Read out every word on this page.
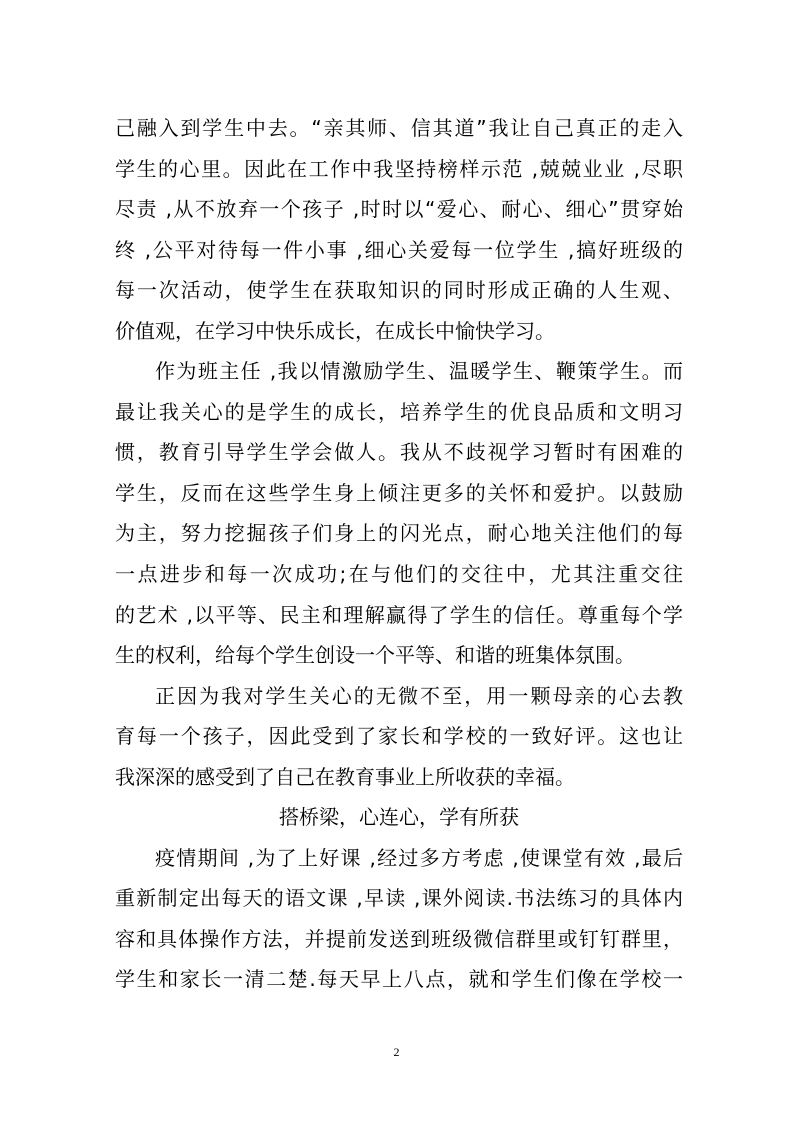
己融入到学生中去。“亲其师、信其道”我让自己真正的走入
学生的心里。因此在工作中我坚持榜样示范 ,兢兢业业 ,尽职
尽责 ,从不放弃一个孩子 ,时时以“爱心、耐心、细心”贯穿始
终 ,公平对待每一件小事 ,细心关爱每一位学生 ,搞好班级的
每一次活动，使学生在获取知识的同时形成正确的人生观、
价值观，在学习中快乐成长，在成长中愉快学习。
作为班主任 ,我以情激励学生、温暖学生、鞭策学生。而
最让我关心的是学生的成长，培养学生的优良品质和文明习
惯，教育引导学生学会做人。我从不歧视学习暂时有困难的
学生，反而在这些学生身上倾注更多的关怀和爱护。以鼓励
为主，努力挖掘孩子们身上的闪光点，耐心地关注他们的每
一点进步和每一次成功;在与他们的交往中，尤其注重交往
的艺术 ,以平等、民主和理解赢得了学生的信任。尊重每个学
生的权利，给每个学生创设一个平等、和谐的班集体氛围。
正因为我对学生关心的无微不至，用一颗母亲的心去教
育每一个孩子，因此受到了家长和学校的一致好评。这也让
我深深的感受到了自己在教育事业上所收获的幸福。
搭桥梁，心连心，学有所获
疫情期间 ,为了上好课 ,经过多方考虑 ,使课堂有效 ,最后
重新制定出每天的语文课 ,早读 ,课外阅读.书法练习的具体内
容和具体操作方法，并提前发送到班级微信群里或钉钉群里，
学生和家长一清二楚.每天早上八点，就和学生们像在学校一
2
